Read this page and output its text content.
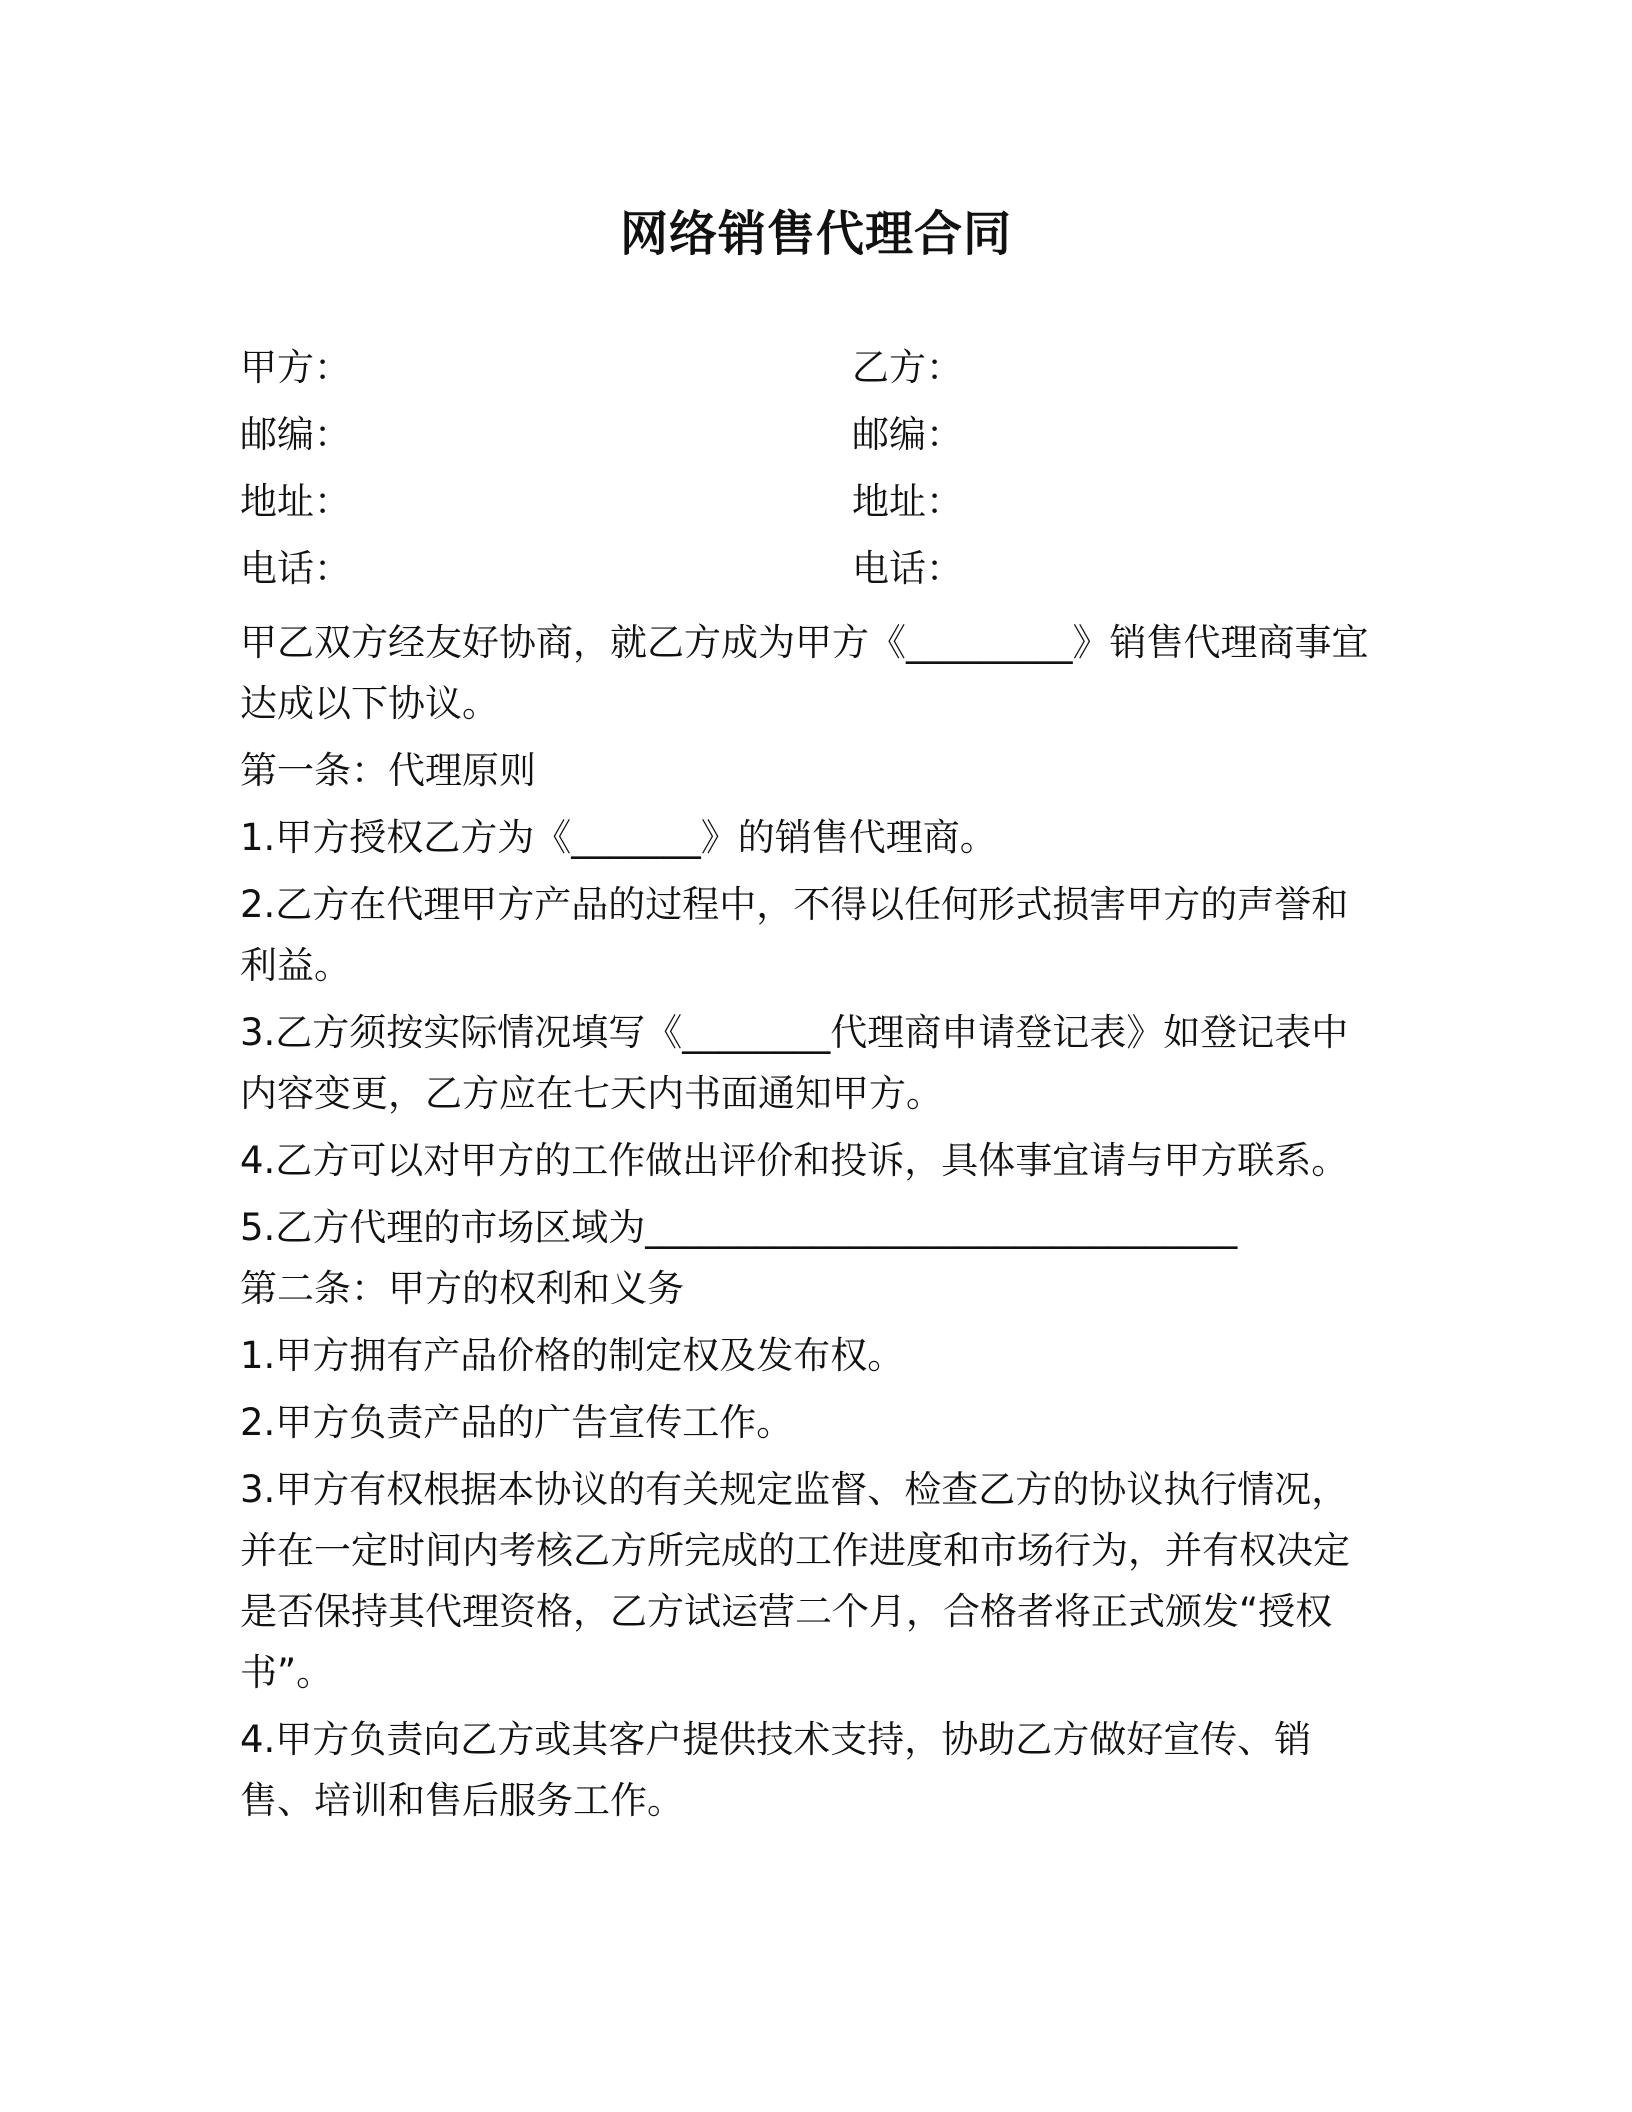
网络销售代理合同
甲方：	乙方：
邮编：	邮编：
地址：	地址：
电话：	电话：

甲乙双方经友好协商，就乙方成为甲方《_________》销售代理商事宜达成以下协议。

第一条：代理原则

1.甲方授权乙方为《_______》的销售代理商。

2.乙方在代理甲方产品的过程中，不得以任何形式损害甲方的声誉和利益。

3.乙方须按实际情况填写《________代理商申请登记表》如登记表中内容变更，乙方应在七天内书面通知甲方。

4.乙方可以对甲方的工作做出评价和投诉，具体事宜请与甲方联系。

5.乙方代理的市场区域为________________________________

第二条：甲方的权利和义务

1.甲方拥有产品价格的制定权及发布权。

2.甲方负责产品的广告宣传工作。

3.甲方有权根据本协议的有关规定监督、检查乙方的协议执行情况，并在一定时间内考核乙方所完成的工作进度和市场行为，并有权决定是否保持其代理资格，乙方试运营二个月，合格者将正式颁发“授权书”。

4.甲方负责向乙方或其客户提供技术支持，协助乙方做好宣传、销售、培训和售后服务工作。
